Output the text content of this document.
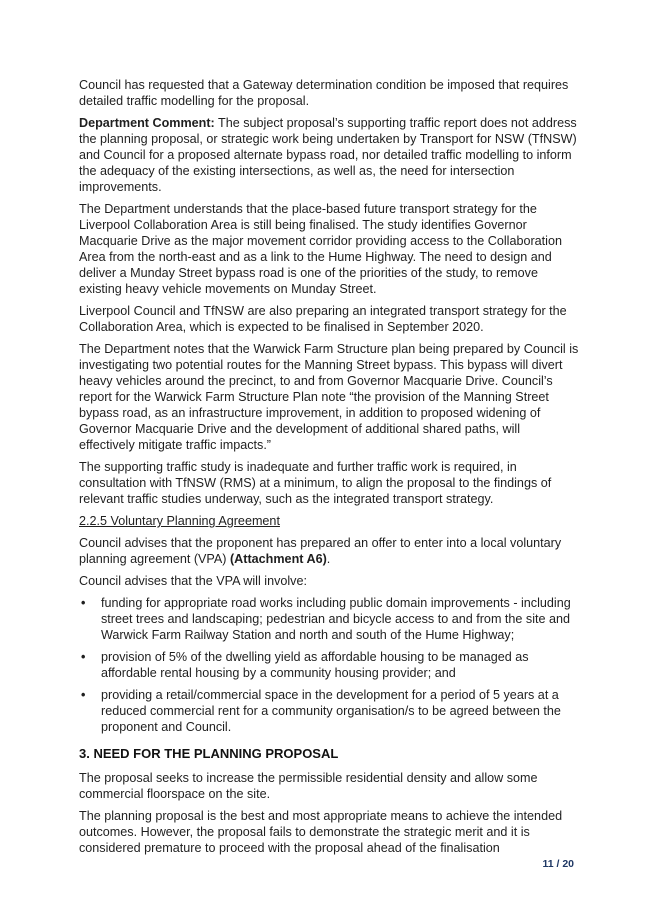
Council has requested that a Gateway determination condition be imposed that requires detailed traffic modelling for the proposal.

Department Comment: The subject proposal’s supporting traffic report does not address the planning proposal, or strategic work being undertaken by Transport for NSW (TfNSW) and Council for a proposed alternate bypass road, nor detailed traffic modelling to inform the adequacy of the existing intersections, as well as, the need for intersection improvements.

The Department understands that the place-based future transport strategy for the Liverpool Collaboration Area is still being finalised. The study identifies Governor Macquarie Drive as the major movement corridor providing access to the Collaboration Area from the north-east and as a link to the Hume Highway. The need to design and deliver a Munday Street bypass road is one of the priorities of the study, to remove existing heavy vehicle movements on Munday Street.

Liverpool Council and TfNSW are also preparing an integrated transport strategy for the Collaboration Area, which is expected to be finalised in September 2020.

The Department notes that the Warwick Farm Structure plan being prepared by Council is investigating two potential routes for the Manning Street bypass. This bypass will divert heavy vehicles around the precinct, to and from Governor Macquarie Drive. Council’s report for the Warwick Farm Structure Plan note “the provision of the Manning Street bypass road, as an infrastructure improvement, in addition to proposed widening of Governor Macquarie Drive and the development of additional shared paths, will effectively mitigate traffic impacts.”

The supporting traffic study is inadequate and further traffic work is required, in consultation with TfNSW (RMS) at a minimum, to align the proposal to the findings of relevant traffic studies underway, such as the integrated transport strategy.

2.2.5 Voluntary Planning Agreement

Council advises that the proponent has prepared an offer to enter into a local voluntary planning agreement (VPA) (Attachment A6).

Council advises that the VPA will involve:

• funding for appropriate road works including public domain improvements - including street trees and landscaping; pedestrian and bicycle access to and from the site and Warwick Farm Railway Station and north and south of the Hume Highway;
• provision of 5% of the dwelling yield as affordable housing to be managed as affordable rental housing by a community housing provider; and
• providing a retail/commercial space in the development for a period of 5 years at a reduced commercial rent for a community organisation/s to be agreed between the proponent and Council.
3. NEED FOR THE PLANNING PROPOSAL

The proposal seeks to increase the permissible residential density and allow some commercial floorspace on the site.

The planning proposal is the best and most appropriate means to achieve the intended outcomes. However, the proposal fails to demonstrate the strategic merit and it is considered premature to proceed with the proposal ahead of the finalisation

11 / 20
